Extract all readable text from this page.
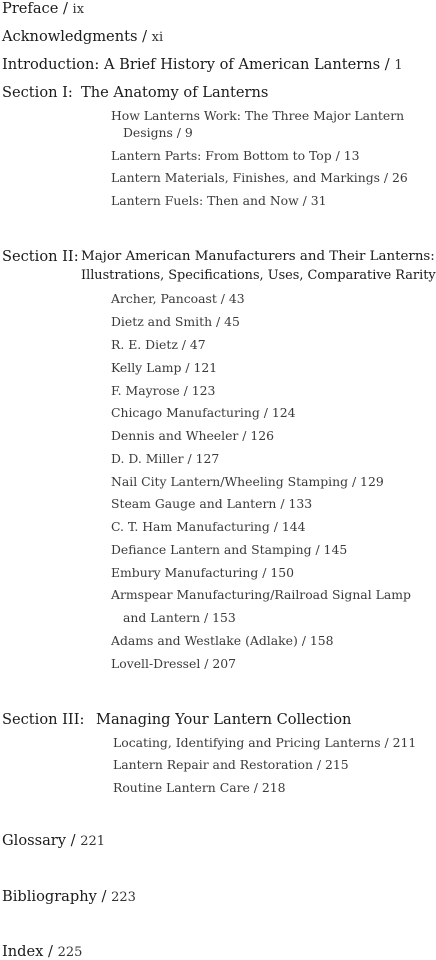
Preface / ix
Acknowledgments / xi
Introduction: A Brief History of American Lanterns / 1
Section I: The Anatomy of Lanterns
How Lanterns Work: The Three Major Lantern
Designs / 9
Lantern Parts: From Bottom to Top / 13
Lantern Materials, Finishes, and Markings / 26
Lantern Fuels: Then and Now / 31
Section II: Major American Manufacturers and Their Lanterns:
Illustrations, Specifications, Uses, Comparative Rarity
Archer, Pancoast / 43
Dietz and Smith / 45
R. E. Dietz / 47
Kelly Lamp / 121
F. Mayrose / 123
Chicago Manufacturing / 124
Dennis and Wheeler / 126
D. D. Miller / 127
Nail City Lantern/Wheeling Stamping / 129
Steam Gauge and Lantern / 133
C. T. Ham Manufacturing / 144
Defiance Lantern and Stamping / 145
Embury Manufacturing / 150
Armspear Manufacturing/Railroad Signal Lamp
and Lantern / 153
Adams and Westlake (Adlake) / 158
Lovell-Dressel / 207
Section III: Managing Your Lantern Collection
Locating, Identifying and Pricing Lanterns / 211
Lantern Repair and Restoration / 215
Routine Lantern Care / 218
Glossary / 221
Bibliography / 223
Index / 225
